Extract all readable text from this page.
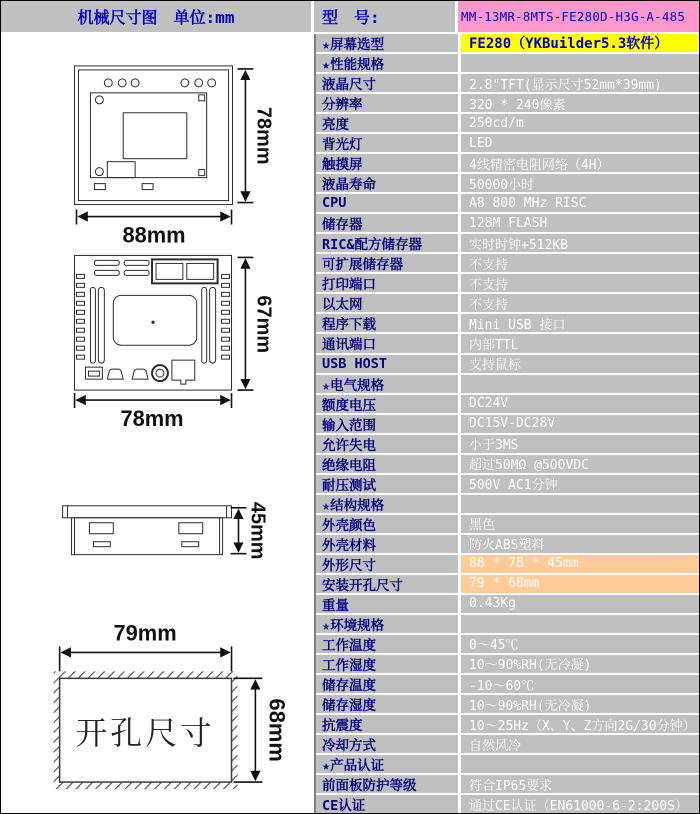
机械尺寸图　单位:mm	型　号:	MM-13MR-8MTS-FE280D-H3G-A-485
78mm
88mm
67mm
78mm
45mm
79mm
开孔尺寸 68mm
★屏幕选型	FE280（YKBuilder5.3软件）
★性能规格
液晶尺寸	2.8"TFT(显示尺寸52mm*39mm)
分辨率	320 * 240像素
亮度	250cd/m
背光灯	LED
触摸屏	4线精密电阻网络（4H）
液晶寿命	50000小时
CPU	A8 800 MHz RISC
储存器	128M FLASH
RIC&配方储存器	实时时钟+512KB
可扩展储存器	不支持
打印端口	不支持
以太网	不支持
程序下载	Mini USB 接口
通讯端口	内部TTL
USB HOST	支持鼠标
★电气规格
额度电压	DC24V
输入范围	DC15V-DC28V
允许失电	小于3MS
绝缘电阻	超过50MΩ @500VDC
耐压测试	500V AC1分钟
★结构规格
外壳颜色	黑色
外壳材料	防火ABS塑料
外形尺寸	88 * 78 * 45mm
安装开孔尺寸	79 * 68mm
重量	0.43Kg
★环境规格
工作温度	0～45℃
工作湿度	10～90%RH(无冷凝)
储存温度	-10～60℃
储存湿度	10～90%RH(无冷凝)
抗震度	10～25Hz（X、Y、Z方向2G/30分钟）
冷却方式	自然风冷
★产品认证
前面板防护等级	符合IP65要求
CE认证	通过CE认证（EN61000-6-2:200S）
